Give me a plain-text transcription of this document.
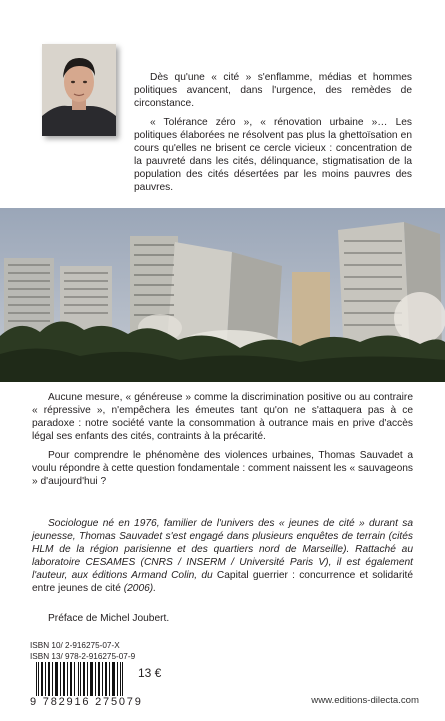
Dès qu'une « cité » s'enflamme, médias et hommes politiques avancent, dans l'urgence, des remèdes de circonstance.

« Tolérance zéro », « rénovation urbaine »… Les politiques élaborées ne résolvent pas plus la ghettoïsation en cours qu'elles ne brisent ce cercle vicieux : concentration de la pauvreté dans les cités, délinquance, stigmatisation de la population des cités désertées par les moins pauvres des pauvres.

Aucune mesure, « généreuse » comme la discrimination positive ou au contraire « répressive », n'empêchera les émeutes tant qu'on ne s'attaquera pas à ce paradoxe : notre société vante la consommation à outrance mais en prive d'accès légal ses enfants des cités, contraints à la précarité.

Pour comprendre le phénomène des violences urbaines, Thomas Sauvadet a voulu répondre à cette question fondamentale : comment naissent les « sauvageons » d'aujourd'hui ?

Sociologue né en 1976, familier de l'univers des « jeunes de cité » durant sa jeunesse, Thomas Sauvadet s'est engagé dans plusieurs enquêtes de terrain (cités HLM de la région parisienne et des quartiers nord de Marseille). Rattaché au laboratoire CESAMES (CNRS / INSERM / Université Paris V), il est également l'auteur, aux éditions Armand Colin, du Capital guerrier : concurrence et solidarité entre jeunes de cité (2006).

Préface de Michel Joubert.
ISBN 10/ 2-916275-07-X
ISBN 13/ 978-2-916275-07-9
9 782916 275079
13 €
www.editions-dilecta.com
